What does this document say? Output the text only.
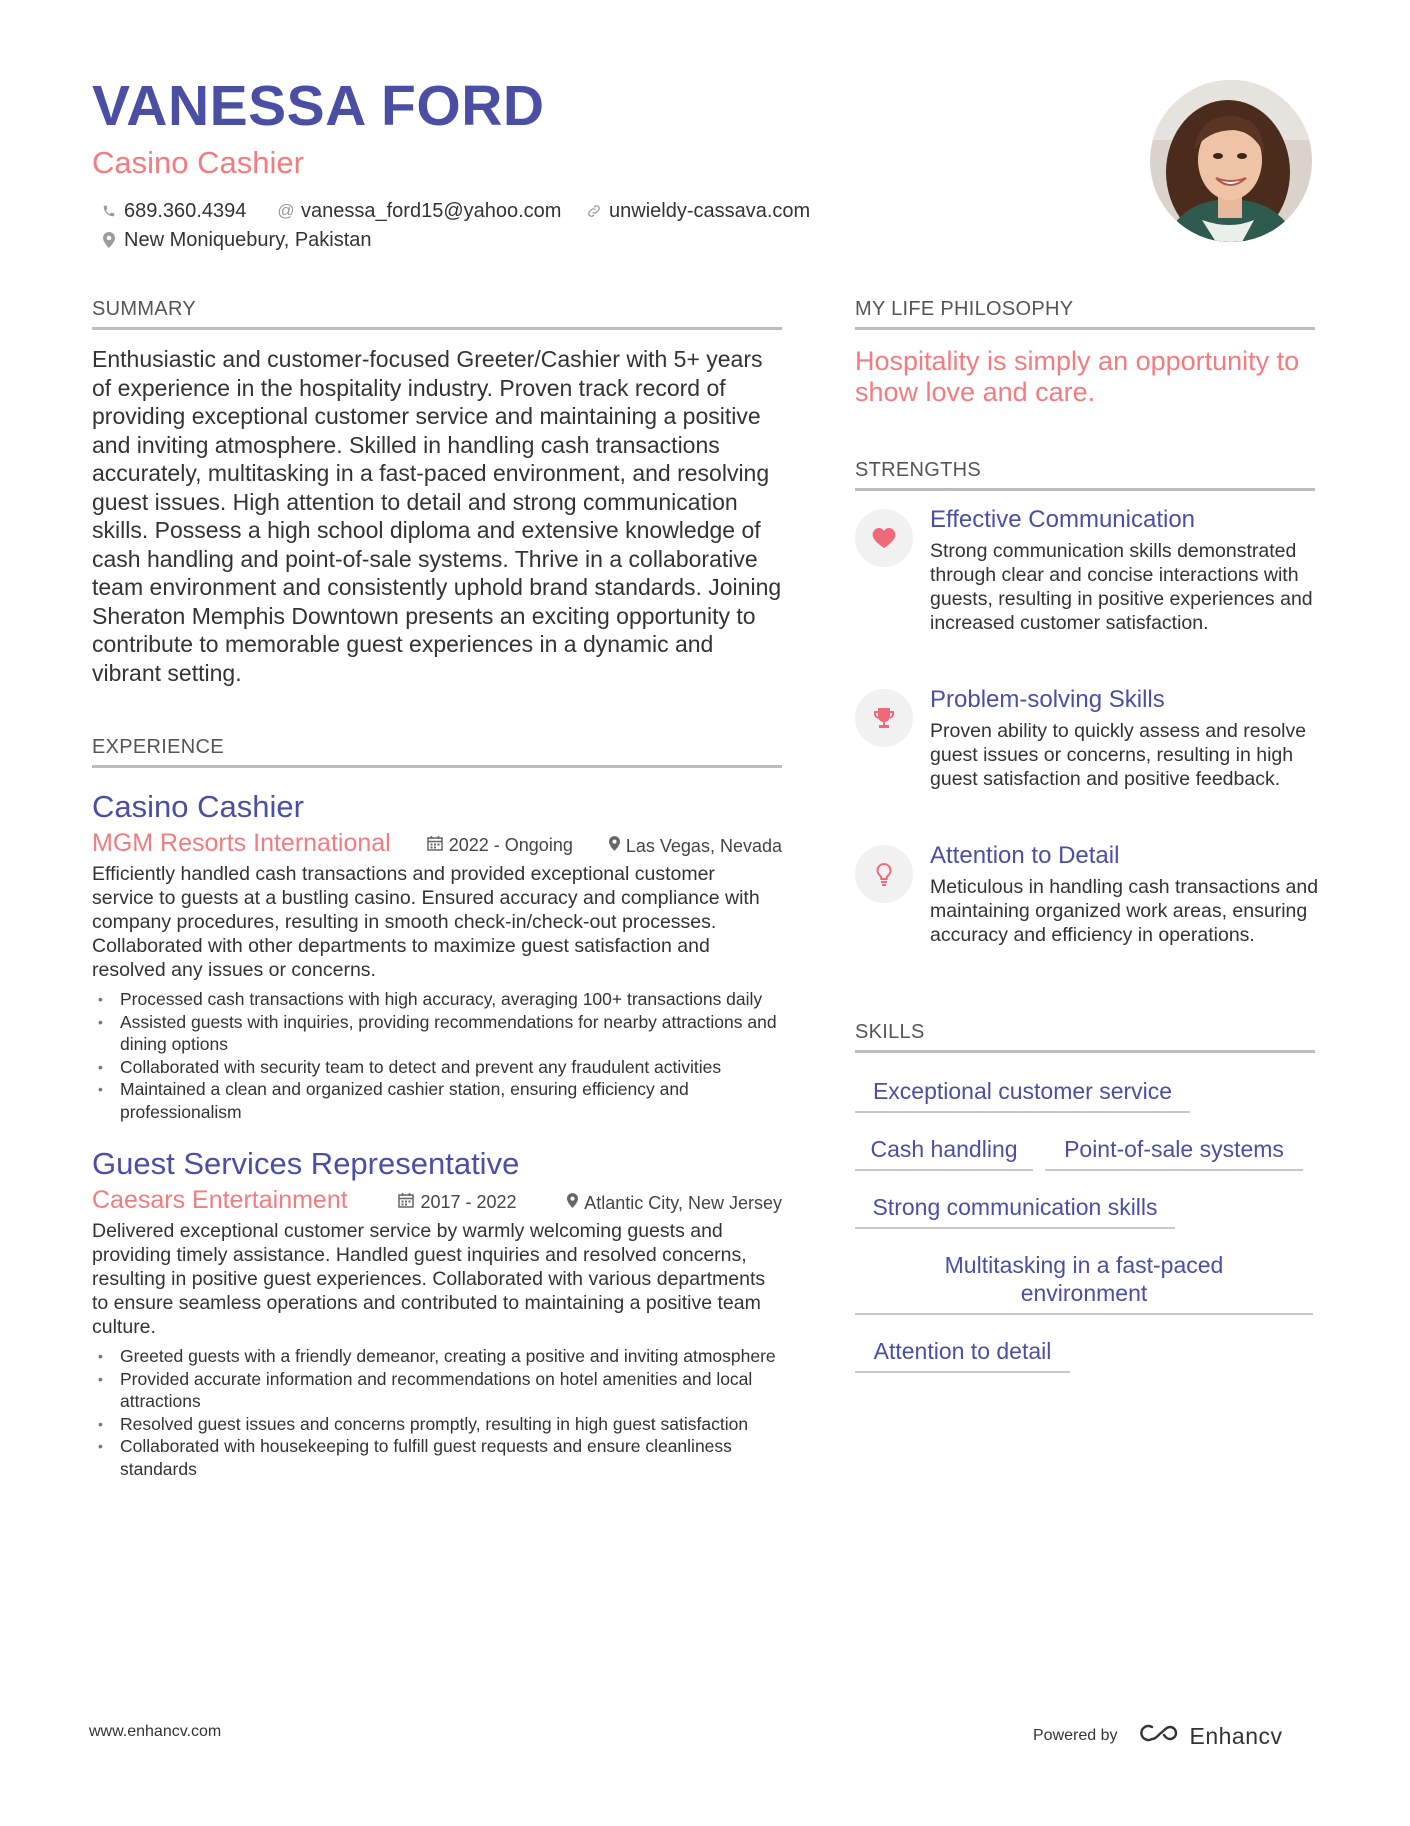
VANESSA FORD
Casino Cashier
689.360.4394 @ vanessa_ford15@yahoo.com unwieldy-cassava.com
New Moniquebury, Pakistan
SUMMARY

Enthusiastic and customer-focused Greeter/Cashier with 5+ years of experience in the hospitality industry. Proven track record of providing exceptional customer service and maintaining a positive and inviting atmosphere. Skilled in handling cash transactions accurately, multitasking in a fast-paced environment, and resolving guest issues. High attention to detail and strong communication skills. Possess a high school diploma and extensive knowledge of cash handling and point-of-sale systems. Thrive in a collaborative team environment and consistently uphold brand standards. Joining Sheraton Memphis Downtown presents an exciting opportunity to contribute to memorable guest experiences in a dynamic and vibrant setting.

EXPERIENCE
Casino Cashier
MGM Resorts International	2022 - Ongoing	Las Vegas, Nevada

Efficiently handled cash transactions and provided exceptional customer service to guests at a bustling casino. Ensured accuracy and compliance with company procedures, resulting in smooth check-in/check-out processes. Collaborated with other departments to maximize guest satisfaction and resolved any issues or concerns.

• Processed cash transactions with high accuracy, averaging 100+ transactions daily
• Assisted guests with inquiries, providing recommendations for nearby attractions and dining options
• Collaborated with security team to detect and prevent any fraudulent activities
• Maintained a clean and organized cashier station, ensuring efficiency and professionalism
Guest Services Representative
Caesars Entertainment	2017 - 2022	Atlantic City, New Jersey

Delivered exceptional customer service by warmly welcoming guests and providing timely assistance. Handled guest inquiries and resolved concerns, resulting in positive guest experiences. Collaborated with various departments to ensure seamless operations and contributed to maintaining a positive team culture.

• Greeted guests with a friendly demeanor, creating a positive and inviting atmosphere
• Provided accurate information and recommendations on hotel amenities and local attractions
• Resolved guest issues and concerns promptly, resulting in high guest satisfaction
• Collaborated with housekeeping to fulfill guest requests and ensure cleanliness standards
MY LIFE PHILOSOPHY
Hospitality is simply an opportunity to show love and care.
STRENGTHS
Effective Communication
Strong communication skills demonstrated through clear and concise interactions with guests, resulting in positive experiences and increased customer satisfaction.
Problem-solving Skills
Proven ability to quickly assess and resolve guest issues or concerns, resulting in high guest satisfaction and positive feedback.
Attention to Detail
Meticulous in handling cash transactions and maintaining organized work areas, ensuring accuracy and efficiency in operations.
SKILLS
Exceptional customer service
Cash handling	Point-of-sale systems
Strong communication skills
Multitasking in a fast-paced environment
Attention to detail
www.enhancv.com	Powered by	Enhancv
